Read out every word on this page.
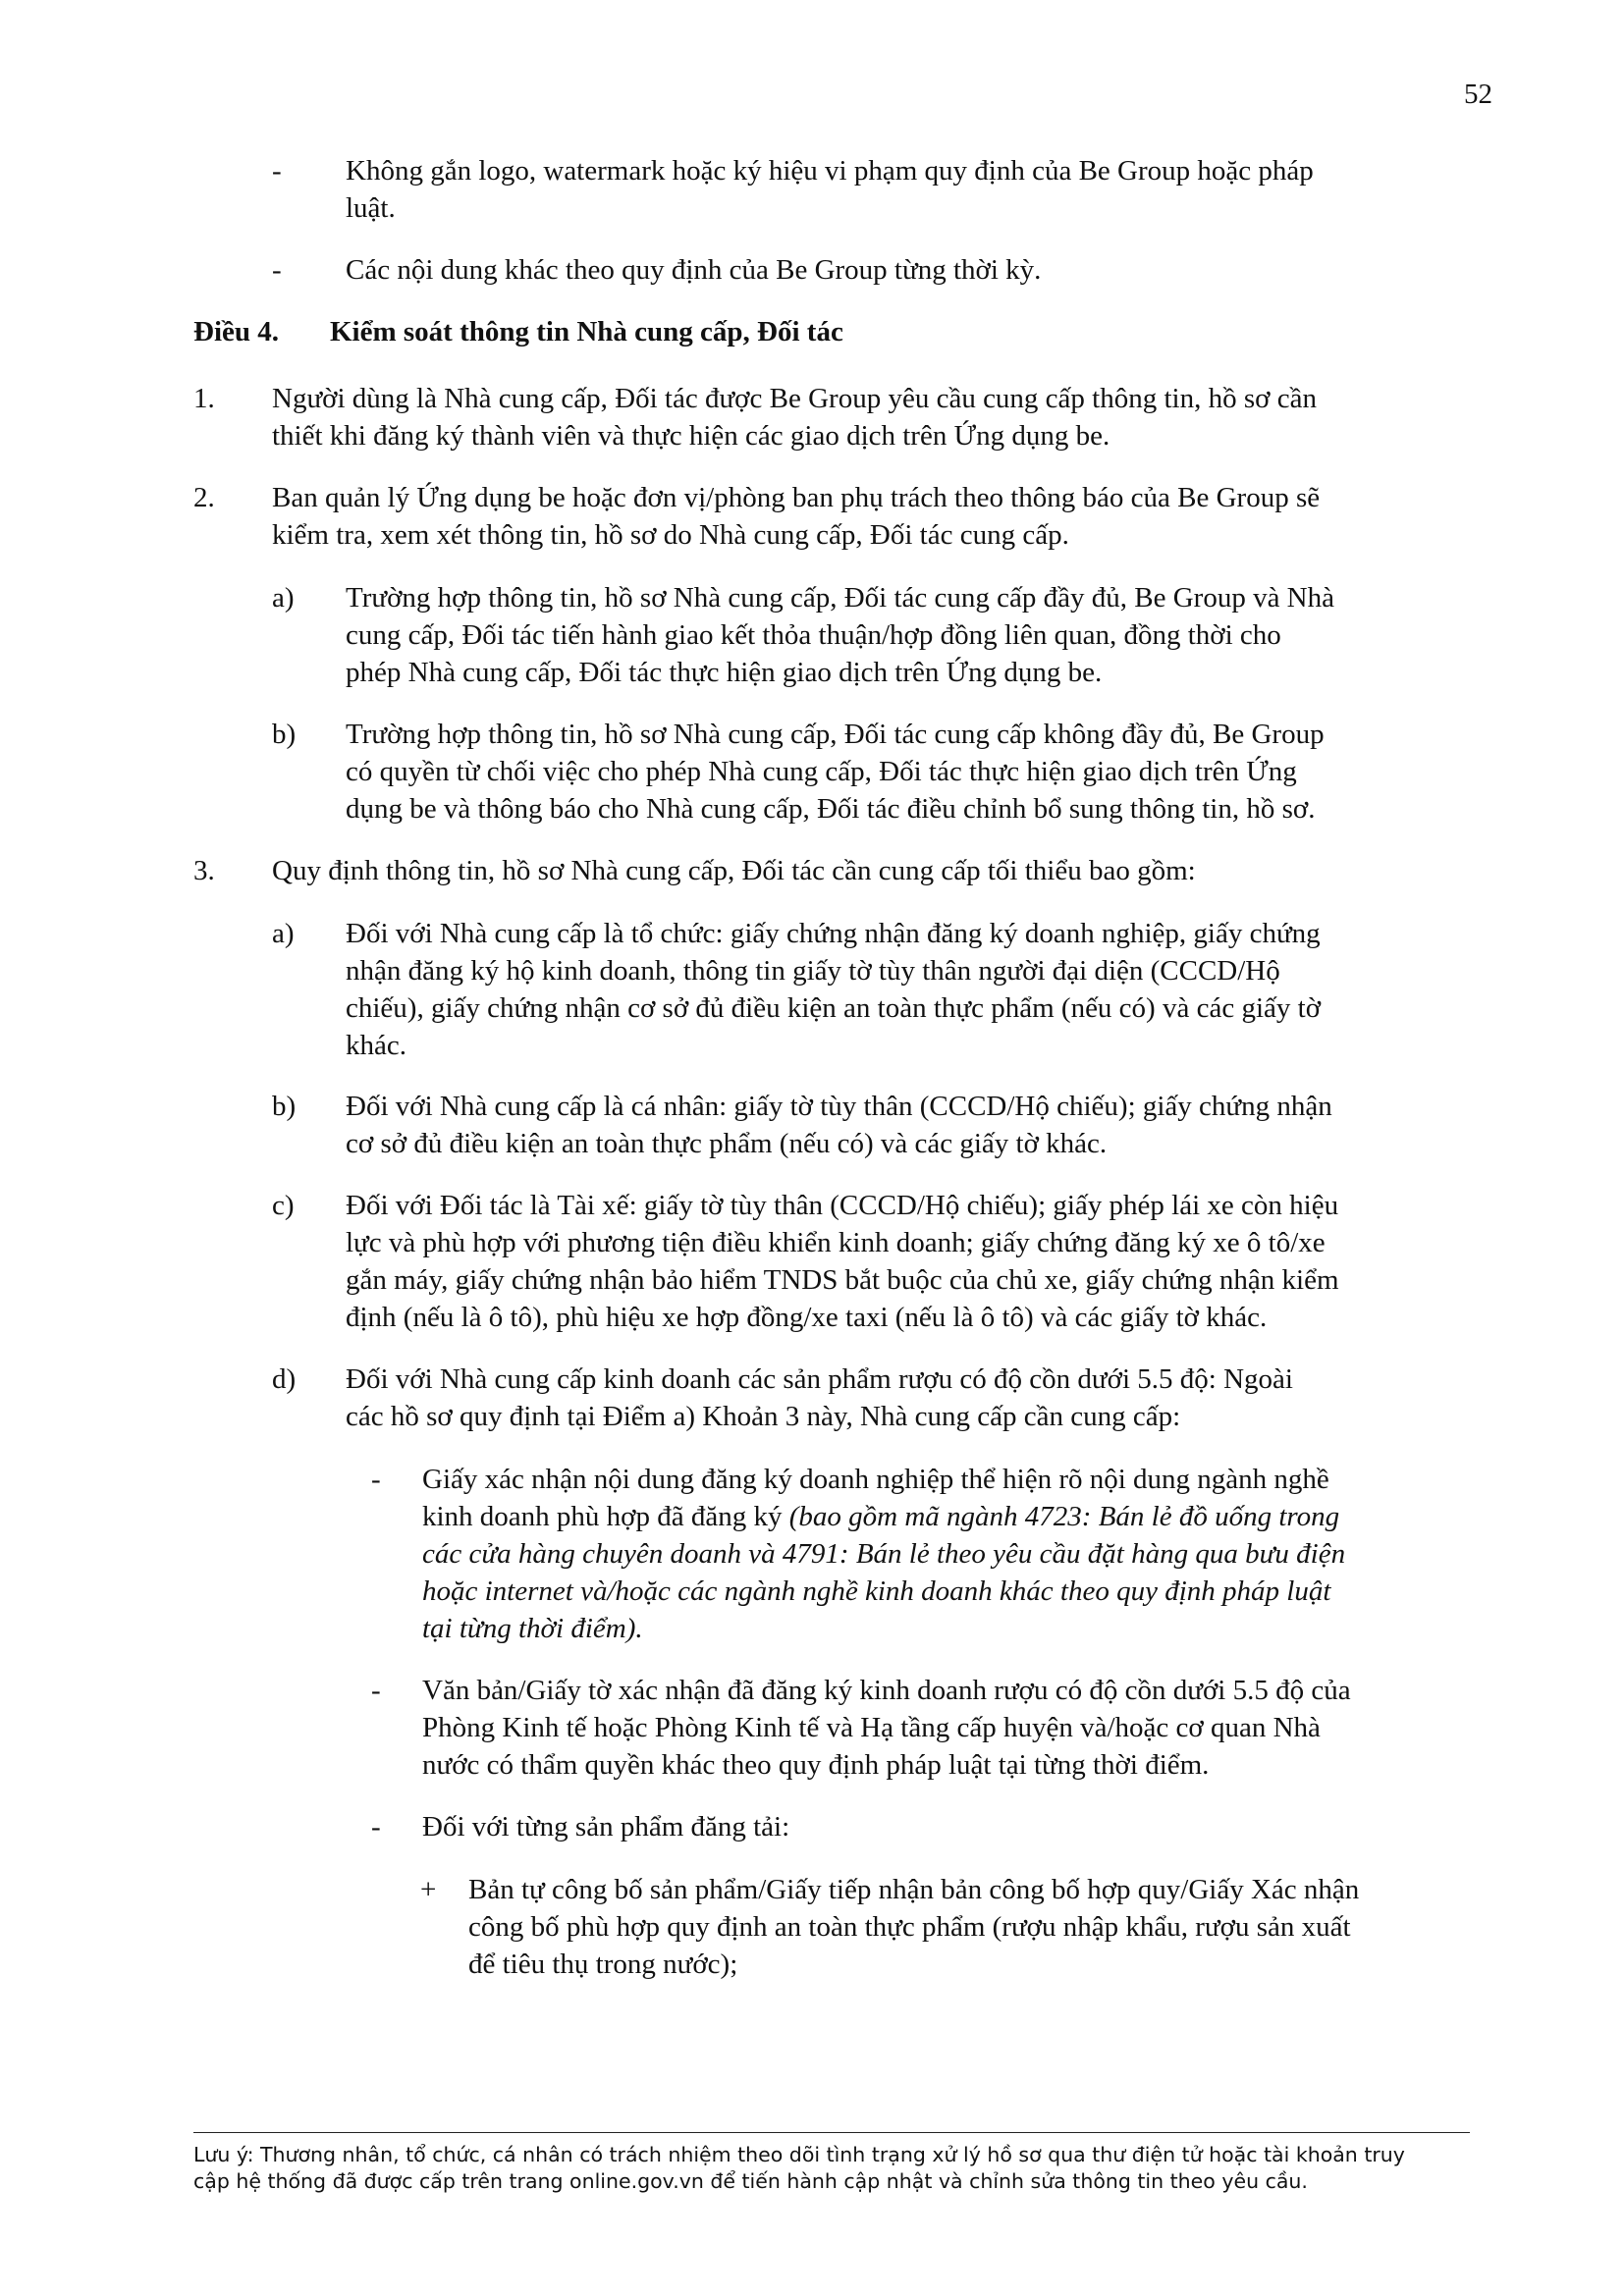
52
- Không gắn logo, watermark hoặc ký hiệu vi phạm quy định của Be Group hoặc pháp
luật.
- Các nội dung khác theo quy định của Be Group từng thời kỳ.
Điều 4. Kiểm soát thông tin Nhà cung cấp, Đối tác
1. Người dùng là Nhà cung cấp, Đối tác được Be Group yêu cầu cung cấp thông tin, hồ sơ cần
thiết khi đăng ký thành viên và thực hiện các giao dịch trên Ứng dụng be.
2. Ban quản lý Ứng dụng be hoặc đơn vị/phòng ban phụ trách theo thông báo của Be Group sẽ
kiểm tra, xem xét thông tin, hồ sơ do Nhà cung cấp, Đối tác cung cấp.
a) Trường hợp thông tin, hồ sơ Nhà cung cấp, Đối tác cung cấp đầy đủ, Be Group và Nhà
cung cấp, Đối tác tiến hành giao kết thỏa thuận/hợp đồng liên quan, đồng thời cho
phép Nhà cung cấp, Đối tác thực hiện giao dịch trên Ứng dụng be.
b) Trường hợp thông tin, hồ sơ Nhà cung cấp, Đối tác cung cấp không đầy đủ, Be Group
có quyền từ chối việc cho phép Nhà cung cấp, Đối tác thực hiện giao dịch trên Ứng
dụng be và thông báo cho Nhà cung cấp, Đối tác điều chỉnh bổ sung thông tin, hồ sơ.
3. Quy định thông tin, hồ sơ Nhà cung cấp, Đối tác cần cung cấp tối thiểu bao gồm:
a) Đối với Nhà cung cấp là tổ chức: giấy chứng nhận đăng ký doanh nghiệp, giấy chứng
nhận đăng ký hộ kinh doanh, thông tin giấy tờ tùy thân người đại diện (CCCD/Hộ
chiếu), giấy chứng nhận cơ sở đủ điều kiện an toàn thực phẩm (nếu có) và các giấy tờ
khác.
b) Đối với Nhà cung cấp là cá nhân: giấy tờ tùy thân (CCCD/Hộ chiếu); giấy chứng nhận
cơ sở đủ điều kiện an toàn thực phẩm (nếu có) và các giấy tờ khác.
c) Đối với Đối tác là Tài xế: giấy tờ tùy thân (CCCD/Hộ chiếu); giấy phép lái xe còn hiệu
lực và phù hợp với phương tiện điều khiển kinh doanh; giấy chứng đăng ký xe ô tô/xe
gắn máy, giấy chứng nhận bảo hiểm TNDS bắt buộc của chủ xe, giấy chứng nhận kiểm
định (nếu là ô tô), phù hiệu xe hợp đồng/xe taxi (nếu là ô tô) và các giấy tờ khác.
d) Đối với Nhà cung cấp kinh doanh các sản phẩm rượu có độ cồn dưới 5.5 độ: Ngoài
các hồ sơ quy định tại Điểm a) Khoản 3 này, Nhà cung cấp cần cung cấp:
- Giấy xác nhận nội dung đăng ký doanh nghiệp thể hiện rõ nội dung ngành nghề
kinh doanh phù hợp đã đăng ký (bao gồm mã ngành 4723: Bán lẻ đồ uống trong
các cửa hàng chuyên doanh và 4791: Bán lẻ theo yêu cầu đặt hàng qua bưu điện
hoặc internet và/hoặc các ngành nghề kinh doanh khác theo quy định pháp luật
tại từng thời điểm).
- Văn bản/Giấy tờ xác nhận đã đăng ký kinh doanh rượu có độ cồn dưới 5.5 độ của
Phòng Kinh tế hoặc Phòng Kinh tế và Hạ tầng cấp huyện và/hoặc cơ quan Nhà
nước có thẩm quyền khác theo quy định pháp luật tại từng thời điểm.
- Đối với từng sản phẩm đăng tải:
+ Bản tự công bố sản phẩm/Giấy tiếp nhận bản công bố hợp quy/Giấy Xác nhận
công bố phù hợp quy định an toàn thực phẩm (rượu nhập khẩu, rượu sản xuất
để tiêu thụ trong nước);
Lưu ý: Thương nhân, tổ chức, cá nhân có trách nhiệm theo dõi tình trạng xử lý hồ sơ qua thư điện tử hoặc tài khoản truy
cập hệ thống đã được cấp trên trang online.gov.vn để tiến hành cập nhật và chỉnh sửa thông tin theo yêu cầu.
